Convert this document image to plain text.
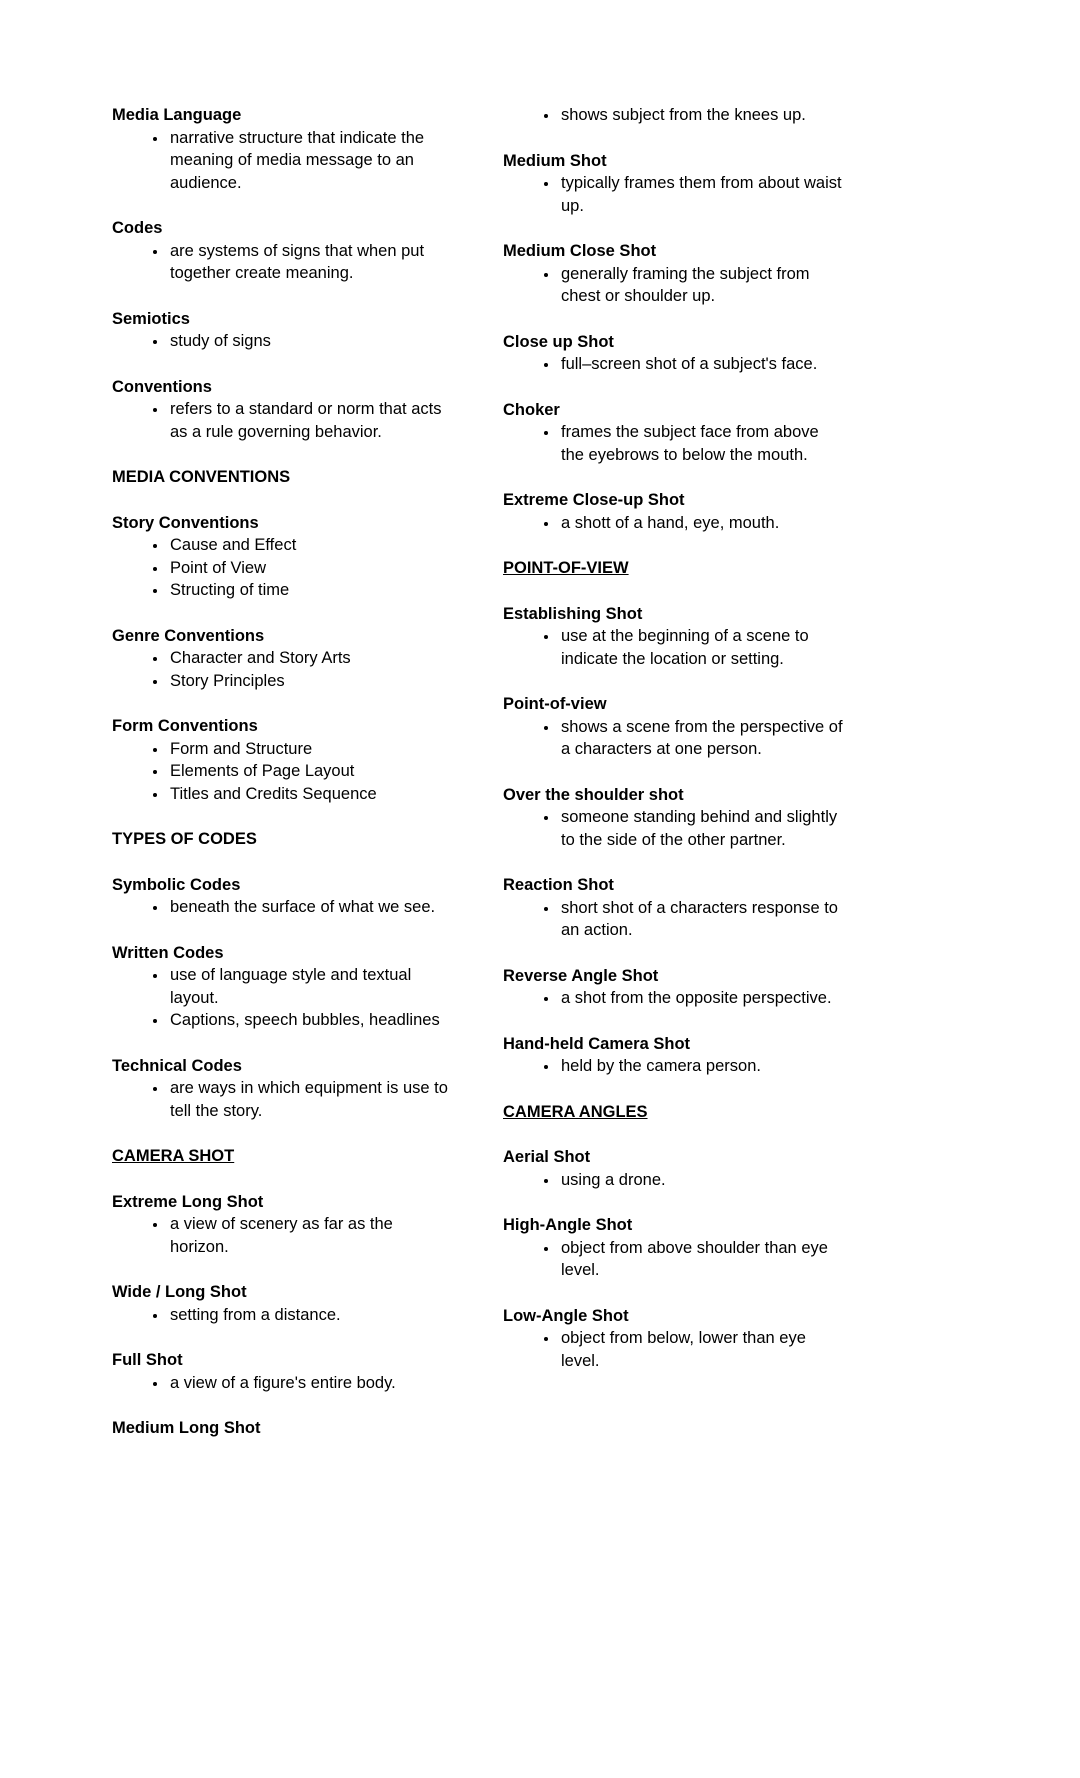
Media Language
• narrative structure that indicate the meaning of media message to an audience.
Codes
• are systems of signs that when put together create meaning.
Semiotics
• study of signs
Conventions
• refers to a standard or norm that acts as a rule governing behavior.
MEDIA CONVENTIONS
Story Conventions
• Cause and Effect
• Point of View
• Structing of time
Genre Conventions
• Character and Story Arts
• Story Principles
Form Conventions
• Form and Structure
• Elements of Page Layout
• Titles and Credits Sequence
TYPES OF CODES
Symbolic Codes
• beneath the surface of what we see.
Written Codes
• use of language style and textual layout.
• Captions, speech bubbles, headlines
Technical Codes
• are ways in which equipment is use to tell the story.
CAMERA SHOT
Extreme Long Shot
• a view of scenery as far as the horizon.
Wide / Long Shot
• setting from a distance.
Full Shot
• a view of a figure's entire body.
Medium Long Shot
• shows subject from the knees up.
Medium Shot
• typically frames them from about waist up.
Medium Close Shot
• generally framing the subject from chest or shoulder up.
Close up Shot
• full–screen shot of a subject's face.
Choker
• frames the subject face from above the eyebrows to below the mouth.
Extreme Close-up Shot
• a shott of a hand, eye, mouth.
POINT-OF-VIEW
Establishing Shot
• use at the beginning of a scene to indicate the location or setting.
Point-of-view
• shows a scene from the perspective of a characters at one person.
Over the shoulder shot
• someone standing behind and slightly to the side of the other partner.
Reaction Shot
• short shot of a characters response to an action.
Reverse Angle Shot
• a shot from the opposite perspective.
Hand-held Camera Shot
• held by the camera person.
CAMERA ANGLES
Aerial Shot
• using a drone.
High-Angle Shot
• object from above shoulder than eye level.
Low-Angle Shot
• object from below, lower than eye level.
